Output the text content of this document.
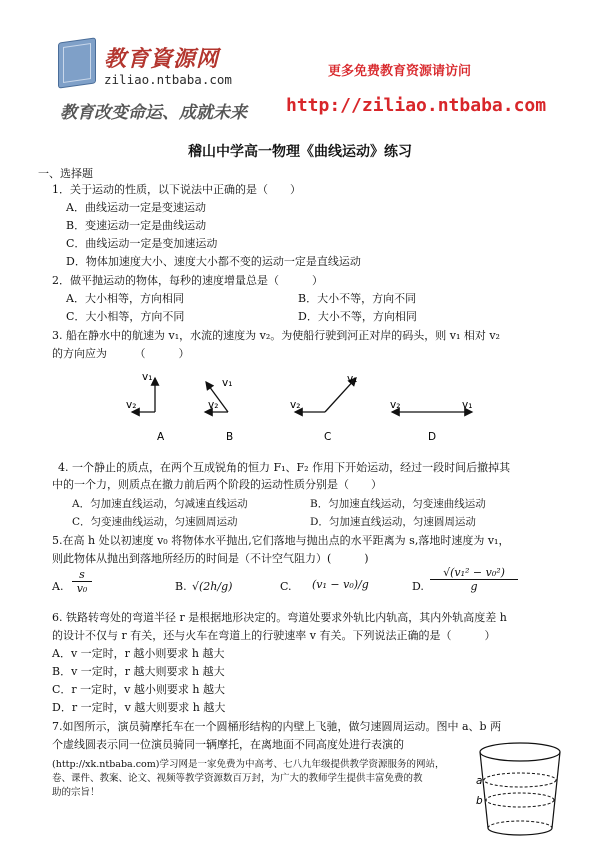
教育資源网
ziliao.ntbaba.com
更多免费教育资源请访问
教育改变命运、成就未来 http://ziliao.ntbaba.com
稽山中学高一物理《曲线运动》练习
一、选择题
1．关于运动的性质，以下说法中正确的是（　　）
A．曲线运动一定是变速运动
B．变速运动一定是曲线运动
C．曲线运动一定是变加速运动
D．物体加速度大小、速度大小都不变的运动一定是直线运动
2．做平抛运动的物体，每秒的速度增量总是（　　　）
A．大小相等，方向相同	B．大小不等，方向不同
C．大小相等，方向不同	D．大小不等，方向相同
3. 船在静水中的航速为 v₁，水流的速度为 v₂。为使船行驶到河正对岸的码头，则 v₁ 相对 v₂
的方向应为　　　（　　　）
v₁
v₂
A
v₁
v₂
B
v₁
v₂
C
v₂	v₁
D
4. 一个静止的质点，在两个互成锐角的恒力 F₁、F₂ 作用下开始运动，经过一段时间后撤掉其
中的一个力，则质点在撤力前后两个阶段的运动性质分别是（　　）
A．匀加速直线运动，匀减速直线运动	B．匀加速直线运动，匀变速曲线运动
C．匀变速曲线运动，匀速圆周运动	D．匀加速直线运动，匀速圆周运动
5.在高 h 处以初速度 v₀ 将物体水平抛出,它们落地与抛出点的水平距离为 s,落地时速度为 v₁，
则此物体从抛出到落地所经历的时间是（不计空气阻力）(　　　)
A. $\frac{s}{\text{v₀}}$	B. √(2h/g)	C. (v₁ − v₀)/g	D. $\frac{\text{√(v₁² − v₀²)}}{g}$
6. 铁路转弯处的弯道半径 r 是根据地形决定的。弯道处要求外轨比内轨高，其内外轨高度差 h
的设计不仅与 r 有关，还与火车在弯道上的行驶速率 v 有关。下列说法正确的是（　　　）
A．v 一定时，r 越小则要求 h 越大
B．v 一定时，r 越大则要求 h 越大
C．r 一定时，v 越小则要求 h 越大
D．r 一定时，v 越大则要求 h 越大
7.如图所示，演员骑摩托车在一个圆桶形结构的内壁上飞驰，做匀速圆周运动。图中 a、b 两
个虚线圆表示同一位演员骑同一辆摩托，在离地面不同高度处进行表演的
(http://xk.ntbaba.com)学习网是一家免费为中高考、七八九年级提供教学资源服务的网站，
卷、课件、教案、论文、视频等教学资源数百万封，为广大的教师学生提供丰富免费的教
助的宗旨！
a
b
